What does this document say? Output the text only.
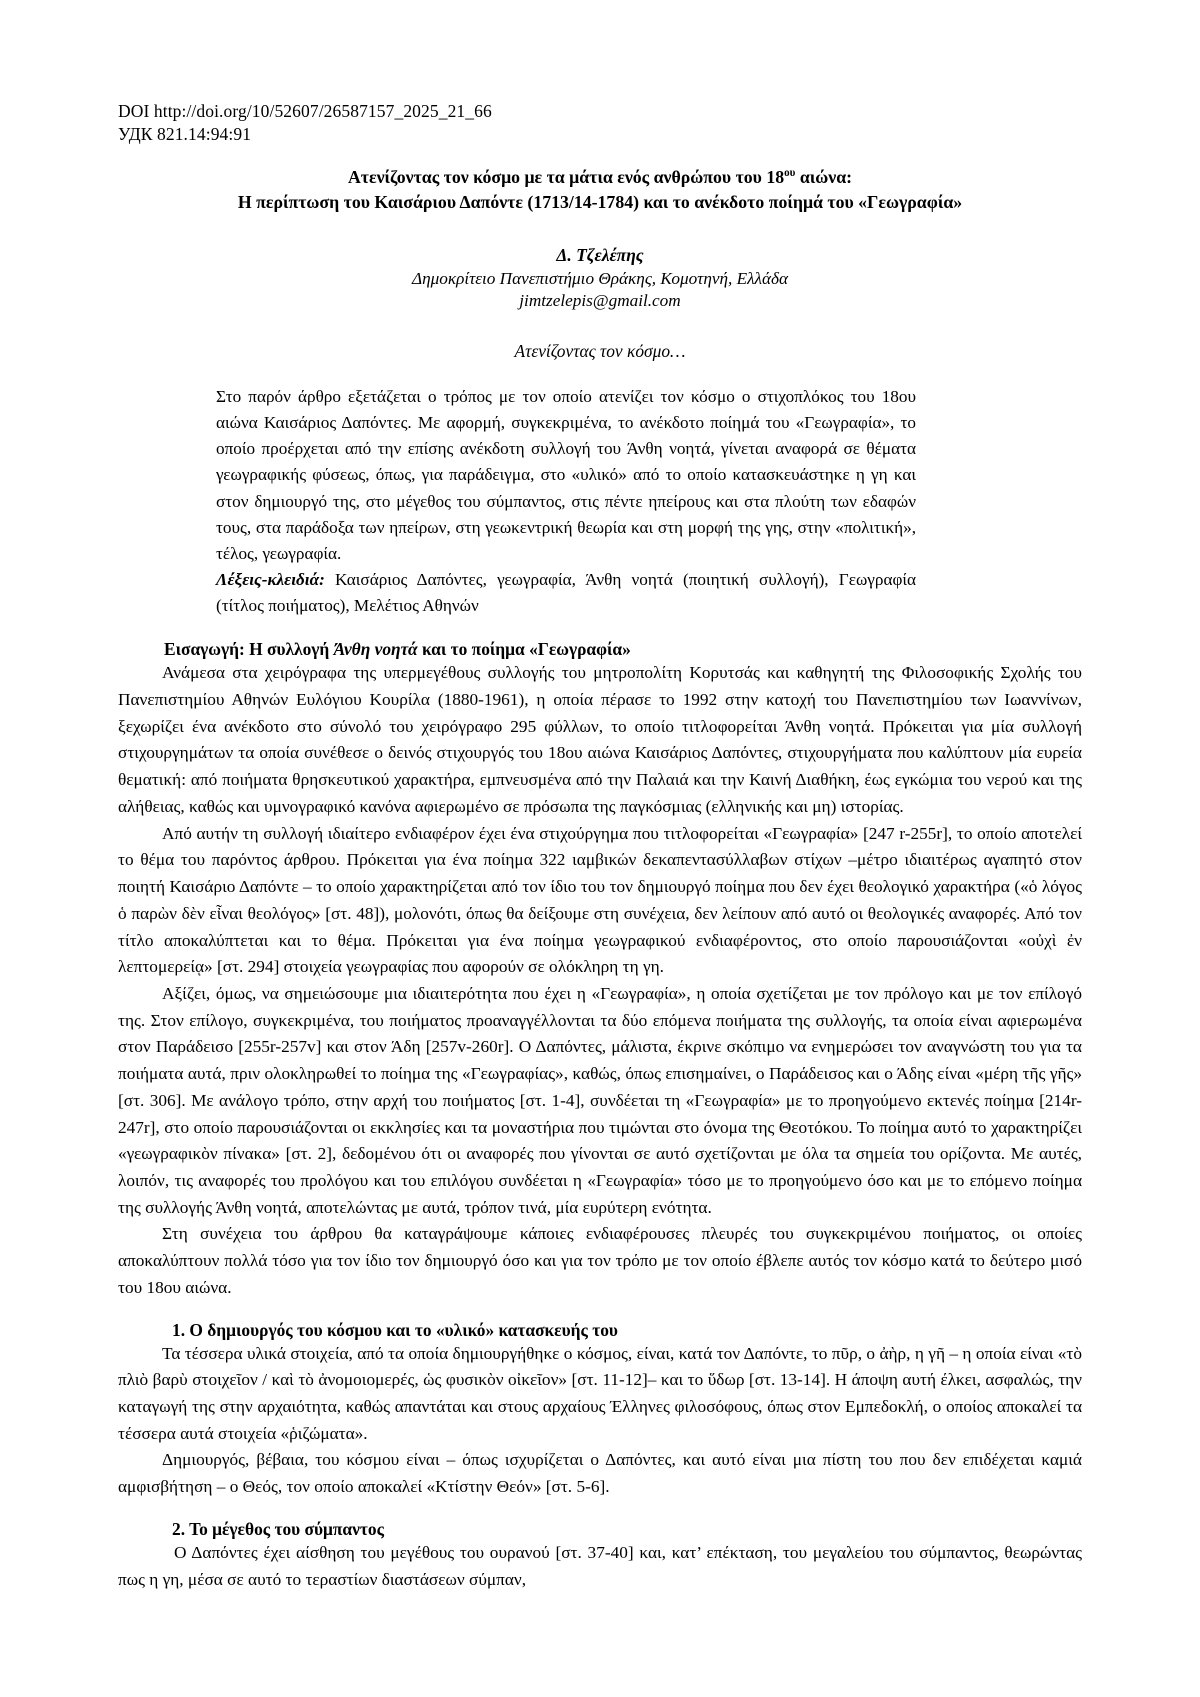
DOI http://doi.org/10/52607/26587157_2025_21_66
УДК 821.14:94:91
Ατενίζοντας τον κόσμο με τα μάτια ενός ανθρώπου του $18^{o\upsilon}$ αιώνα:
Η περίπτωση του Καισάριου Δαπόντε (1713/14-1784) και το ανέκδοτο ποίημά του «Γεωγραφία»
Δ. Τζελέπης
Δημοκρίτειο Πανεπιστήμιο Θράκης, Κομοτηνή, Ελλάδα
jimtzelepis@gmail.com
Ατενίζοντας τον κόσμο…
Στο παρόν άρθρο εξετάζεται ο τρόπος με τον οποίο ατενίζει τον κόσμο ο στιχοπλόκος του 18ου αιώνα Καισάριος Δαπόντες. Με αφορμή, συγκεκριμένα, το ανέκδοτο ποίημά του «Γεωγραφία», το οποίο προέρχεται από την επίσης ανέκδοτη συλλογή του Άνθη νοητά, γίνεται αναφορά σε θέματα γεωγραφικής φύσεως, όπως, για παράδειγμα, στο «υλικό» από το οποίο κατασκευάστηκε η γη και στον δημιουργό της, στο μέγεθος του σύμπαντος, στις πέντε ηπείρους και στα πλούτη των εδαφών τους, στα παράδοξα των ηπείρων, στη γεωκεντρική θεωρία και στη μορφή της γης, στην «πολιτική», τέλος, γεωγραφία.
Λέξεις-κλειδιά: Καισάριος Δαπόντες, γεωγραφία, Άνθη νοητά (ποιητική συλλογή), Γεωγραφία (τίτλος ποιήματος), Μελέτιος Αθηνών
Εισαγωγή: Η συλλογή Άνθη νοητά και το ποίημα «Γεωγραφία»

Ανάμεσα στα χειρόγραφα της υπερμεγέθους συλλογής του μητροπολίτη Κορυτσάς και καθηγητή της Φιλοσοφικής Σχολής του Πανεπιστημίου Αθηνών Ευλόγιου Κουρίλα (1880-1961), η οποία πέρασε το 1992 στην κατοχή του Πανεπιστημίου των Ιωαννίνων, ξεχωρίζει ένα ανέκδοτο στο σύνολό του χειρόγραφο 295 φύλλων, το οποίο τιτλοφορείται Άνθη νοητά. Πρόκειται για μία συλλογή στιχουργημάτων τα οποία συνέθεσε ο δεινός στιχουργός του 18ου αιώνα Καισάριος Δαπόντες, στιχουργήματα που καλύπτουν μία ευρεία θεματική: από ποιήματα θρησκευτικού χαρακτήρα, εμπνευσμένα από την Παλαιά και την Καινή Διαθήκη, έως εγκώμια του νερού και της αλήθειας, καθώς και υμνογραφικό κανόνα αφιερωμένο σε πρόσωπα της παγκόσμιας (ελληνικής και μη) ιστορίας.

Από αυτήν τη συλλογή ιδιαίτερο ενδιαφέρον έχει ένα στιχούργημα που τιτλοφορείται «Γεωγραφία» [247 r-255r], το οποίο αποτελεί το θέμα του παρόντος άρθρου. Πρόκειται για ένα ποίημα 322 ιαμβικών δεκαπεντασύλλαβων στίχων –μέτρο ιδιαιτέρως αγαπητό στον ποιητή Καισάριο Δαπόντε – το οποίο χαρακτηρίζεται από τον ίδιο του τον δημιουργό ποίημα που δεν έχει θεολογικό χαρακτήρα («ὁ λόγος ὁ παρὼν δὲν εἶναι θεολόγος» [στ. 48]), μολονότι, όπως θα δείξουμε στη συνέχεια, δεν λείπουν από αυτό οι θεολογικές αναφορές. Από τον τίτλο αποκαλύπτεται και το θέμα. Πρόκειται για ένα ποίημα γεωγραφικού ενδιαφέροντος, στο οποίο παρουσιάζονται «οὐχὶ ἐν λεπτομερείᾳ» [στ. 294] στοιχεία γεωγραφίας που αφορούν σε ολόκληρη τη γη.

Αξίζει, όμως, να σημειώσουμε μια ιδιαιτερότητα που έχει η «Γεωγραφία», η οποία σχετίζεται με τον πρόλογο και με τον επίλογό της. Στον επίλογο, συγκεκριμένα, του ποιήματος προαναγγέλλονται τα δύο επόμενα ποιήματα της συλλογής, τα οποία είναι αφιερωμένα στον Παράδεισο [255r-257v] και στον Άδη [257v-260r]. Ο Δαπόντες, μάλιστα, έκρινε σκόπιμο να ενημερώσει τον αναγνώστη του για τα ποιήματα αυτά, πριν ολοκληρωθεί το ποίημα της «Γεωγραφίας», καθώς, όπως επισημαίνει, ο Παράδεισος και ο Άδης είναι «μέρη τῆς γῆς» [στ. 306]. Με ανάλογο τρόπο, στην αρχή του ποιήματος [στ. 1-4], συνδέεται τη «Γεωγραφία» με το προηγούμενο εκτενές ποίημα [214r-247r], στο οποίο παρουσιάζονται οι εκκλησίες και τα μοναστήρια που τιμώνται στο όνομα της Θεοτόκου. Το ποίημα αυτό το χαρακτηρίζει «γεωγραφικὸν πίνακα» [στ. 2], δεδομένου ότι οι αναφορές που γίνονται σε αυτό σχετίζονται με όλα τα σημεία του ορίζοντα. Με αυτές, λοιπόν, τις αναφορές του προλόγου και του επιλόγου συνδέεται η «Γεωγραφία» τόσο με το προηγούμενο όσο και με το επόμενο ποίημα της συλλογής Άνθη νοητά, αποτελώντας με αυτά, τρόπον τινά, μία ευρύτερη ενότητα.

Στη συνέχεια του άρθρου θα καταγράψουμε κάποιες ενδιαφέρουσες πλευρές του συγκεκριμένου ποιήματος, οι οποίες αποκαλύπτουν πολλά τόσο για τον ίδιο τον δημιουργό όσο και για τον τρόπο με τον οποίο έβλεπε αυτός τον κόσμο κατά το δεύτερο μισό του 18ου αιώνα.

1. Ο δημιουργός του κόσμου και το «υλικό» κατασκευής του

Τα τέσσερα υλικά στοιχεία, από τα οποία δημιουργήθηκε ο κόσμος, είναι, κατά τον Δαπόντε, το πῦρ, ο ἀὴρ, η γῆ – η οποία είναι «τὸ πλιὸ βαρὺ στοιχεῖον / καὶ τὸ ἀνομοιομερές, ὡς φυσικὸν οἰκεῖον» [στ. 11-12]– και το ὕδωρ [στ. 13-14]. Η άποψη αυτή έλκει, ασφαλώς, την καταγωγή της στην αρχαιότητα, καθώς απαντάται και στους αρχαίους Έλληνες φιλοσόφους, όπως στον Εμπεδοκλή, ο οποίος αποκαλεί τα τέσσερα αυτά στοιχεία «ῥιζώματα».

Δημιουργός, βέβαια, του κόσμου είναι – όπως ισχυρίζεται ο Δαπόντες, και αυτό είναι μια πίστη του που δεν επιδέχεται καμιά αμφισβήτηση – ο Θεός, τον οποίο αποκαλεί «Κτίστην Θεόν» [στ. 5-6].

2. Το μέγεθος του σύμπαντος

Ο Δαπόντες έχει αίσθηση του μεγέθους του ουρανού [στ. 37-40] και, κατ’ επέκταση, του μεγαλείου του σύμπαντος, θεωρώντας πως η γη, μέσα σε αυτό το τεραστίων διαστάσεων σύμπαν,
